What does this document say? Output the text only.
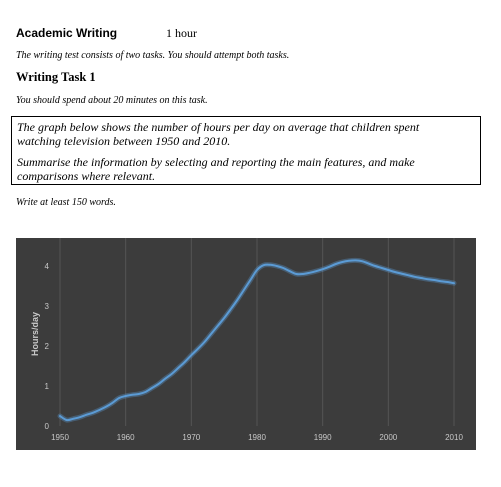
Academic Writing	1 hour
The writing test consists of two tasks. You should attempt both tasks.
Writing Task 1
You should spend about 20 minutes on this task.
The graph below shows the number of hours per day on average that children spent
watching television between 1950 and 2010.
Summarise the information by selecting and reporting the main features, and make
comparisons where relevant.
Write at least 150 words.
0
1
2
3
4
1950	1960	1970	1980	1990	2000	2010
Hours/day
